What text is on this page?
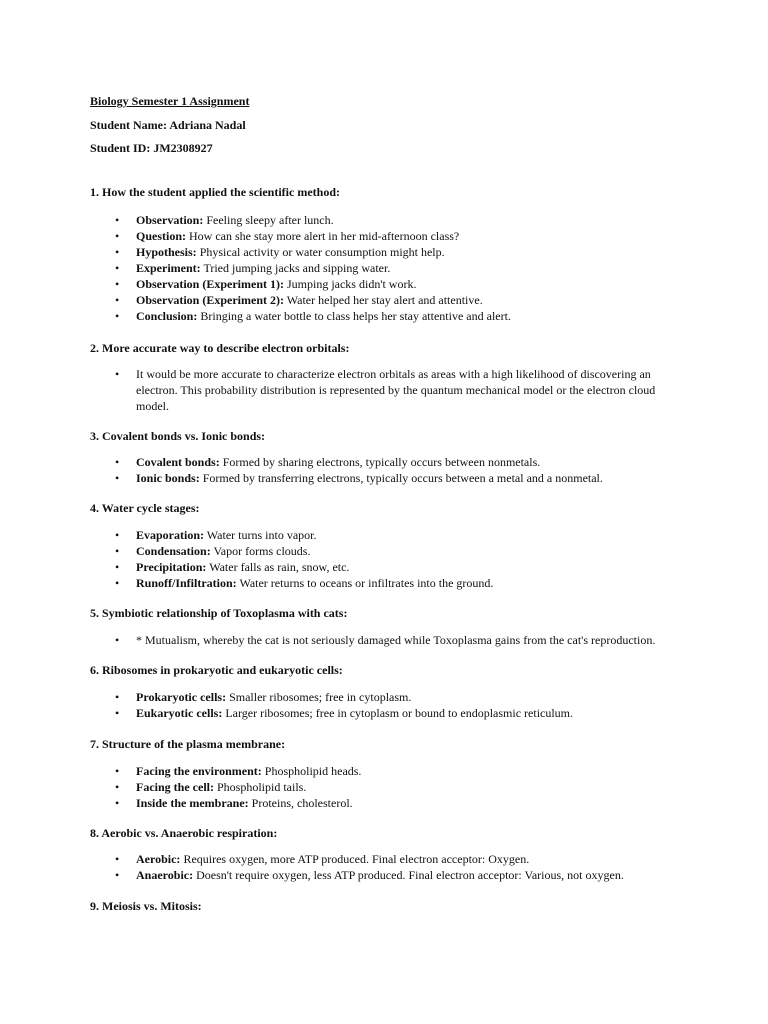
Biology Semester 1 Assignment

Student Name: Adriana Nadal

Student ID: JM2308927

1. How the student applied the scientific method:

• Observation: Feeling sleepy after lunch.
• Question: How can she stay more alert in her mid-afternoon class?
• Hypothesis: Physical activity or water consumption might help.
• Experiment: Tried jumping jacks and sipping water.
• Observation (Experiment 1): Jumping jacks didn't work.
• Observation (Experiment 2): Water helped her stay alert and attentive.
• Conclusion: Bringing a water bottle to class helps her stay attentive and alert.

2. More accurate way to describe electron orbitals:

• It would be more accurate to characterize electron orbitals as areas with a high likelihood of discovering an electron. This probability distribution is represented by the quantum mechanical model or the electron cloud model.

3. Covalent bonds vs. Ionic bonds:

• Covalent bonds: Formed by sharing electrons, typically occurs between nonmetals.
• Ionic bonds: Formed by transferring electrons, typically occurs between a metal and a nonmetal.

4. Water cycle stages:

• Evaporation: Water turns into vapor.
• Condensation: Vapor forms clouds.
• Precipitation: Water falls as rain, snow, etc.
• Runoff/Infiltration: Water returns to oceans or infiltrates into the ground.

5. Symbiotic relationship of Toxoplasma with cats:

• * Mutualism, whereby the cat is not seriously damaged while Toxoplasma gains from the cat's reproduction.

6. Ribosomes in prokaryotic and eukaryotic cells:

• Prokaryotic cells: Smaller ribosomes; free in cytoplasm.
• Eukaryotic cells: Larger ribosomes; free in cytoplasm or bound to endoplasmic reticulum.

7. Structure of the plasma membrane:

• Facing the environment: Phospholipid heads.
• Facing the cell: Phospholipid tails.
• Inside the membrane: Proteins, cholesterol.

8. Aerobic vs. Anaerobic respiration:

• Aerobic: Requires oxygen, more ATP produced. Final electron acceptor: Oxygen.
• Anaerobic: Doesn't require oxygen, less ATP produced. Final electron acceptor: Various, not oxygen.

9. Meiosis vs. Mitosis:
